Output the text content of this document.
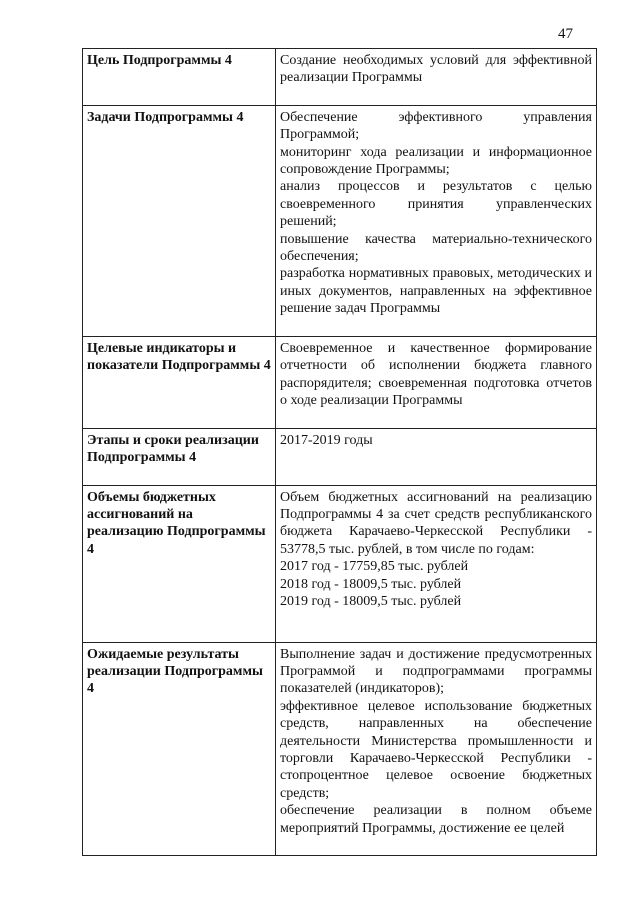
47
Цель Подпрограммы 4	Создание необходимых условий для эффективной реализации Программы

Задачи Подпрограммы 4	Обеспечение эффективного управления Программой;
мониторинг хода реализации и информационное сопровождение Программы;
анализ процессов и результатов с целью своевременного принятия управленческих решений;
повышение качества материально-технического обеспечения;
разработка нормативных правовых, методических и иных документов, направленных на эффективное решение задач Программы

Целевые индикаторы и показатели Подпрограммы 4	Своевременное и качественное формирование отчетности об исполнении бюджета главного распорядителя; своевременная подготовка отчетов о ходе реализации Программы

Этапы и сроки реализации Подпрограммы 4	2017-2019 годы

Объемы бюджетных ассигнований на реализацию Подпрограммы 4	Объем бюджетных ассигнований на реализацию Подпрограммы 4 за счет средств республиканского бюджета Карачаево-Черкесской Республики - 53778,5 тыс. рублей, в том числе по годам:
2017 год - 17759,85 тыс. рублей
2018 год - 18009,5 тыс. рублей
2019 год - 18009,5 тыс. рублей

Ожидаемые результаты реализации Подпрограммы 4	Выполнение задач и достижение предусмотренных Программой и подпрограммами программы показателей (индикаторов);
эффективное целевое использование бюджетных средств, направленных на обеспечение деятельности Министерства промышленности и торговли Карачаево-Черкесской Республики - стопроцентное целевое освоение бюджетных средств;
обеспечение реализации в полном объеме мероприятий Программы, достижение ее целей
